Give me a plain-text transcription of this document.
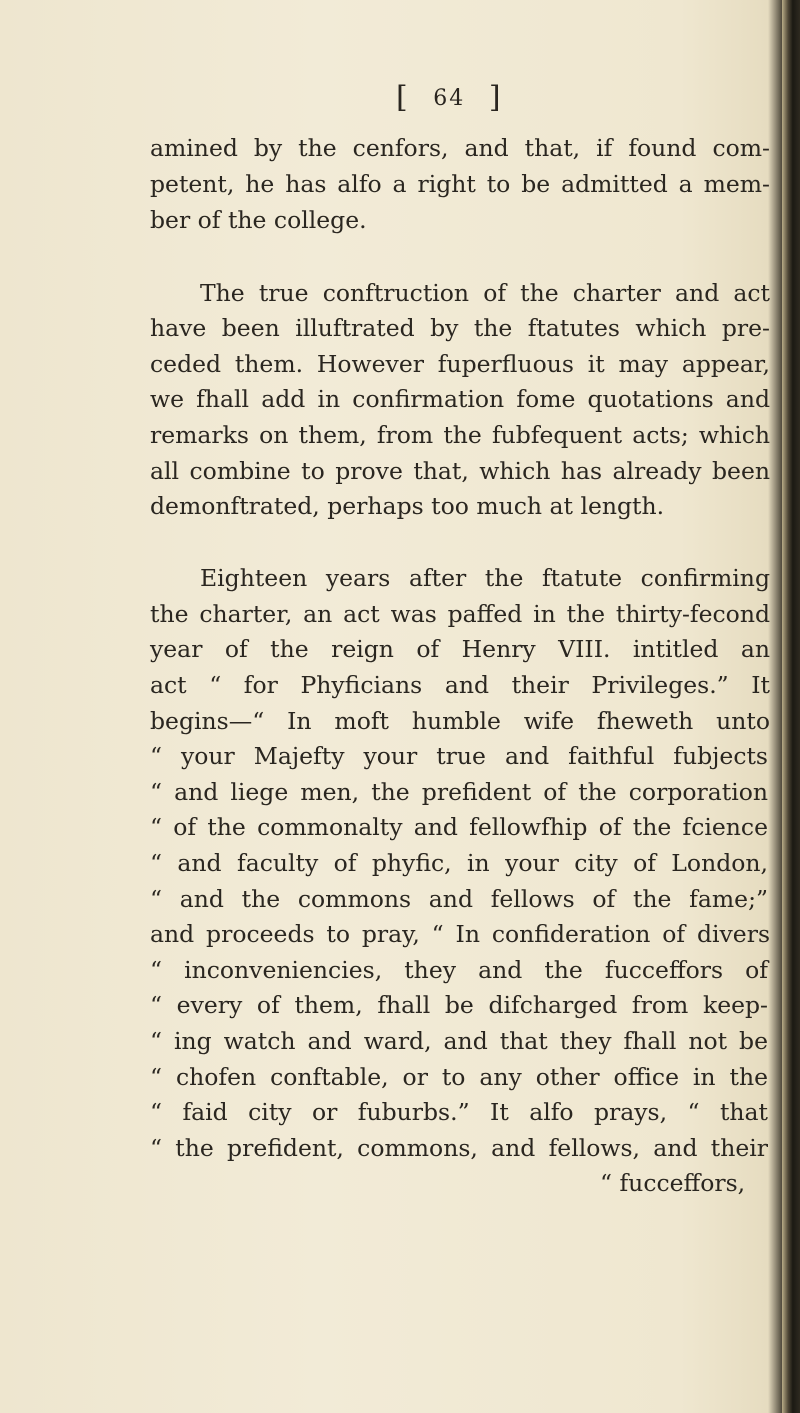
[ 64 ]
amined by the cenfors, and that, if found com-
petent, he has alfo a right to be admitted a mem-
ber of the college.
The true conftruction of the charter and act
have been illuftrated by the ftatutes which pre-
ceded them. However fuperfluous it may appear,
we fhall add in confirmation fome quotations and
remarks on them, from the fubfequent acts; which
all combine to prove that, which has already been
demonftrated, perhaps too much at length.
Eighteen years after the ftatute confirming
the charter, an act was paffed in the thirty-fecond
year of the reign of Henry VIII. intitled an
act “ for Phyficians and their Privileges.” It
begins—“ In moft humble wife fheweth unto
“ your Majefty your true and faithful fubjects
“ and liege men, the prefident of the corporation
“ of the commonalty and fellowfhip of the fcience
“ and faculty of phyfic, in your city of London,
“ and the commons and fellows of the fame;”
and proceeds to pray, “ In confideration of divers
“ inconveniencies, they and the fucceffors of
“ every of them, fhall be difcharged from keep-
“ ing watch and ward, and that they fhall not be
“ chofen conftable, or to any other office in the
“ faid city or fuburbs.” It alfo prays, “ that
“ the prefident, commons, and fellows, and their
“ fucceffors,
